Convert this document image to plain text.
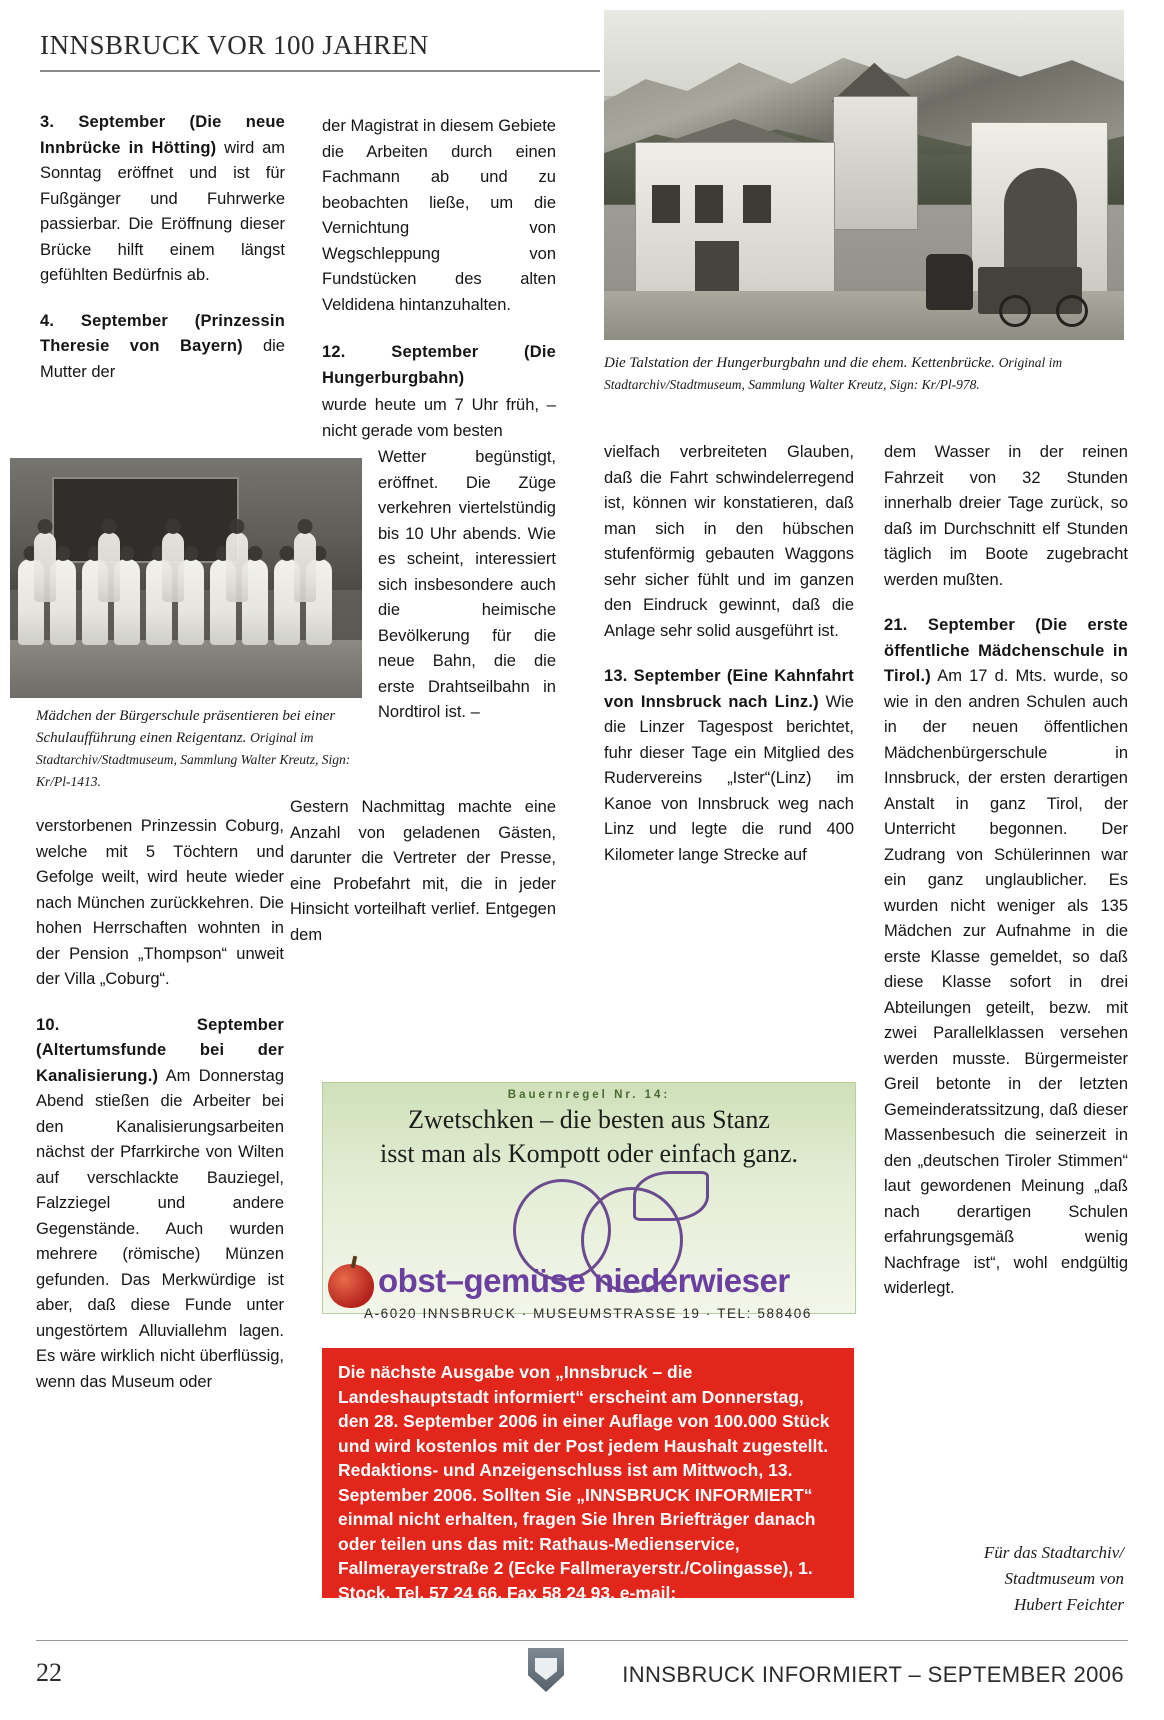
INNSBRUCK VOR 100 JAHREN
Die Talstation der Hungerburgbahn und die ehem. Kettenbrücke. Original im Stadtarchiv/Stadtmuseum, Sammlung Walter Kreutz, Sign: Kr/Pl-978.

3. September (Die neue Innbrücke in Hötting) wird am Sonntag eröffnet und ist für Fußgänger und Fuhrwerke passierbar. Die Eröffnung dieser Brücke hilft einem längst gefühlten Bedürfnis ab.

4. September (Prinzessin Theresie von Bayern) die Mutter der

Mädchen der Bürgerschule präsentieren bei einer Schulaufführung einen Reigentanz. Original im Stadtarchiv/Stadtmuseum, Sammlung Walter Kreutz, Sign: Kr/Pl-1413.

verstorbenen Prinzessin Coburg, welche mit 5 Töchtern und Gefolge weilt, wird heute wieder nach München zurückkehren. Die hohen Herrschaften wohnten in der Pension „Thompson“ unweit der Villa „Coburg“.

10. September (Altertumsfunde bei der Kanalisierung.) Am Donnerstag Abend stießen die Arbeiter bei den Kanalisierungsarbeiten nächst der Pfarrkirche von Wilten auf verschlackte Bauziegel, Falzziegel und andere Gegenstände. Auch wurden mehrere (römische) Münzen gefunden. Das Merkwürdige ist aber, daß diese Funde unter ungestörtem Alluviallehm lagen. Es wäre wirklich nicht überflüssig, wenn das Museum oder

der Magistrat in diesem Gebiete die Arbeiten durch einen Fachmann ab und zu beobachten ließe, um die Vernichtung von Wegschleppung von Fundstücken des alten Veldidena hintanzuhalten.

12. September (Die Hungerburgbahn)

wurde heute um 7 Uhr früh, – nicht gerade vom besten

Wetter begünstigt, eröffnet. Die Züge verkehren viertelstündig bis 10 Uhr abends. Wie es scheint, interessiert sich insbesondere auch die heimische Bevölkerung für die neue Bahn, die die erste Drahtseilbahn in Nordtirol ist. –

Gestern Nachmittag machte eine Anzahl von geladenen Gästen, darunter die Vertreter der Presse, eine Probefahrt mit, die in jeder Hinsicht vorteilhaft verlief. Entgegen dem

vielfach verbreiteten Glauben, daß die Fahrt schwindelerregend ist, können wir konstatieren, daß man sich in den hübschen stufenförmig gebauten Waggons sehr sicher fühlt und im ganzen den Eindruck gewinnt, daß die Anlage sehr solid ausgeführt ist.

13. September (Eine Kahnfahrt von Innsbruck nach Linz.) Wie die Linzer Tagespost berichtet, fuhr dieser Tage ein Mitglied des Rudervereins „Ister“(Linz) im Kanoe von Innsbruck weg nach Linz und legte die rund 400 Kilometer lange Strecke auf

dem Wasser in der reinen Fahrzeit von 32 Stunden innerhalb dreier Tage zurück, so daß im Durchschnitt elf Stunden täglich im Boote zugebracht werden mußten.

21. September (Die erste öffentliche Mädchenschule in Tirol.) Am 17 d. Mts. wurde, so wie in den andren Schulen auch in der neuen öffentlichen Mädchenbürgerschule in Innsbruck, der ersten derartigen Anstalt in ganz Tirol, der Unterricht begonnen. Der Zudrang von Schülerinnen war ein ganz unglaublicher. Es wurden nicht weniger als 135 Mädchen zur Aufnahme in die erste Klasse gemeldet, so daß diese Klasse sofort in drei Abteilungen geteilt, bezw. mit zwei Parallelklassen versehen werden musste. Bürgermeister Greil betonte in der letzten Gemeinderatssitzung, daß dieser Massenbesuch die seinerzeit in den „deutschen Tiroler Stimmen“ laut gewordenen Meinung „daß nach derartigen Schulen erfahrungsgemäß wenig Nachfrage ist“, wohl endgültig widerlegt.

Für das Stadtarchiv/
Stadtmuseum von
Hubert Feichter
Bauernregel Nr. 14:
Zwetschken – die besten aus Stanz
isst man als Kompott oder einfach ganz.
obst–gemüse niederwieser
A-6020 INNSBRUCK · MUSEUMSTRASSE 19 · TEL: 588406
Die nächste Ausgabe von „Innsbruck – die Landeshauptstadt informiert“ erscheint am Donnerstag, den 28. September 2006 in einer Auflage von 100.000 Stück und wird kostenlos mit der Post jedem Haushalt zugestellt. Redaktions- und Anzeigenschluss ist am Mittwoch, 13. September 2006. Sollten Sie „INNSBRUCK INFORMIERT“ einmal nicht erhalten, fragen Sie Ihren Briefträger danach oder teilen uns das mit: Rathaus-Medienservice, Fallmerayerstraße 2 (Ecke Fallmerayerstr./Colingasse), 1. Stock, Tel. 57 24 66, Fax 58 24 93, e-mail: medienservice@magibk.at
22	INNSBRUCK INFORMIERT – SEPTEMBER 2006
